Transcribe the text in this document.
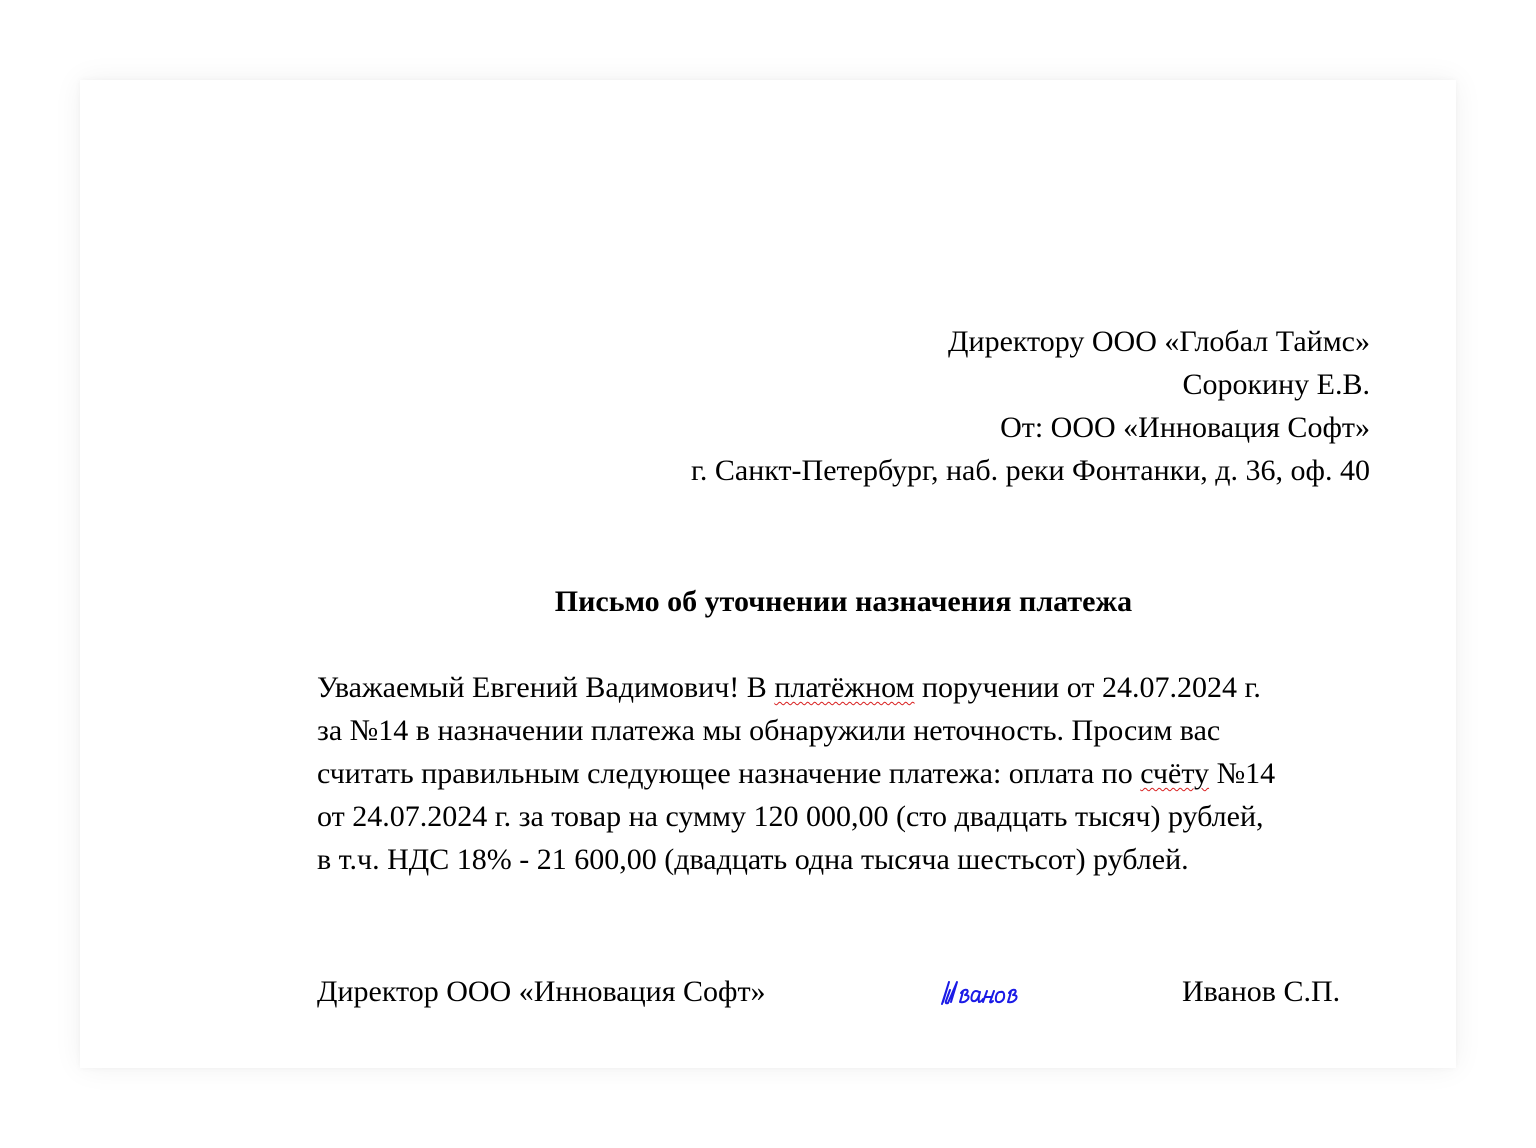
Директору ООО «Глобал Таймс»
Сорокину Е.В.
От: ООО «Инновация Софт»
г. Санкт-Петербург, наб. реки Фонтанки, д. 36, оф. 40
Письмо об уточнении назначения платежа
Уважаемый Евгений Вадимович! В платёжном поручении от 24.07.2024 г.
за №14 в назначении платежа мы обнаружили неточность. Просим вас
считать правильным следующее назначение платежа: оплата по счёту №14
от 24.07.2024 г. за товар на сумму 120 000,00 (сто двадцать тысяч) рублей,
в т.ч. НДС 18% - 21 600,00 (двадцать одна тысяча шестьсот) рублей.
Директор ООО «Инновация Софт»	Иванов С.П.
